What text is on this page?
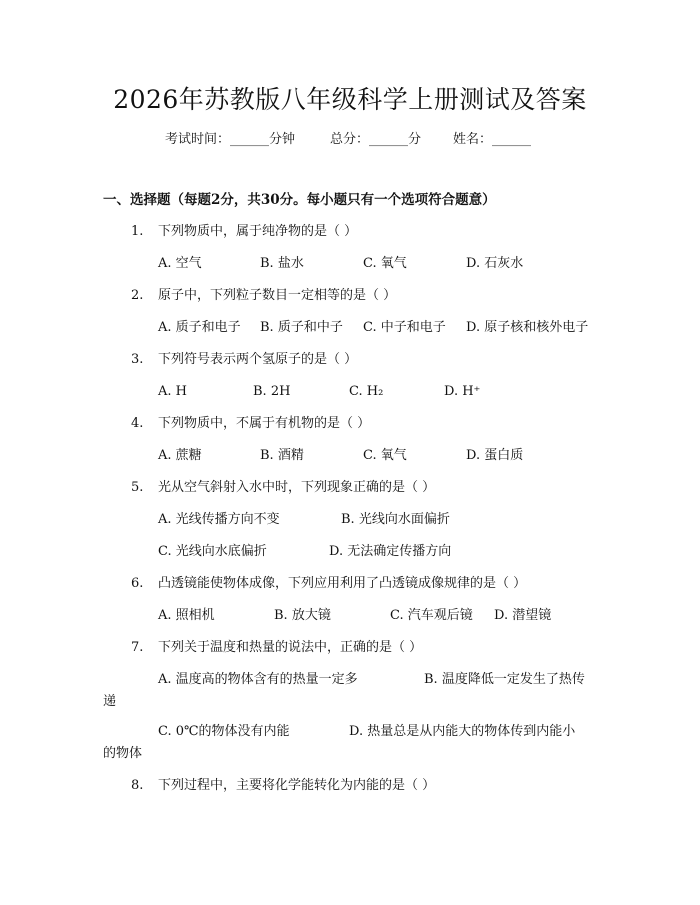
2026年苏教版八年级科学上册测试及答案
考试时间：______分钟	总分：______分 姓名：______
一、选择题（每题2分，共30分。每小题只有一个选项符合题意）
1. 下列物质中，属于纯净物的是（ ）
A. 空气	B. 盐水	C. 氧气	D. 石灰水
2. 原子中，下列粒子数目一定相等的是（ ）
A. 质子和电子 B. 质子和中子 C. 中子和电子 D. 原子核和核外电子
3. 下列符号表示两个氢原子的是（ ）
A. H	B. 2H	C. H₂	D. H⁺
4. 下列物质中，不属于有机物的是（ ）
A. 蔗糖	B. 酒精	C. 氧气	D. 蛋白质
5. 光从空气斜射入水中时，下列现象正确的是（ ）
A. 光线传播方向不变	B. 光线向水面偏折
C. 光线向水底偏折	D. 无法确定传播方向
6. 凸透镜能使物体成像，下列应用利用了凸透镜成像规律的是（ ）
A. 照相机	B. 放大镜	C. 汽车观后镜 D. 潜望镜
7. 下列关于温度和热量的说法中，正确的是（ ）
A. 温度高的物体含有的热量一定多	B. 温度降低一定发生了热传
递
C. 0℃的物体没有内能	D. 热量总是从内能大的物体传到内能小
的物体
8. 下列过程中，主要将化学能转化为内能的是（ ）
